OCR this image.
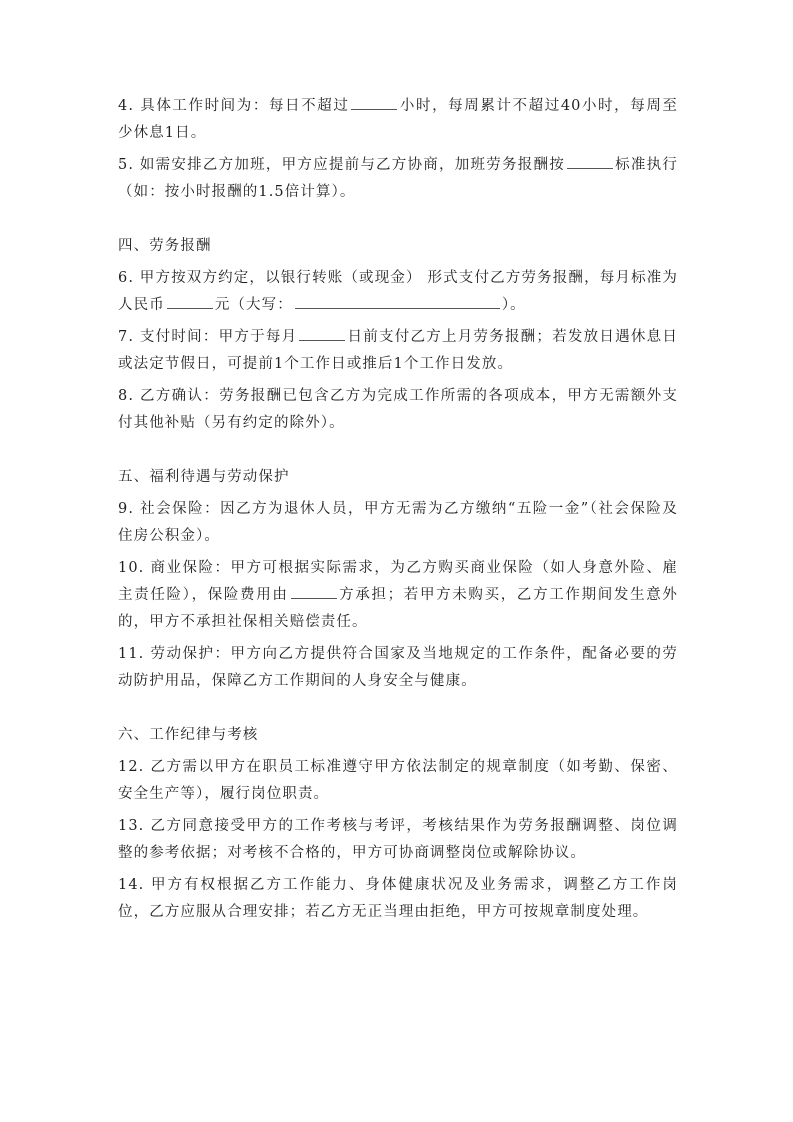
4. 具体工作时间为：每日不超过	小时，每周累计不超过40小时，每周至少休息1日。

5. 如需安排乙方加班，甲方应提前与乙方协商，加班劳务报酬按	标准执行（如：按小时报酬的1.5倍计算）。

四、劳务报酬

6. 甲方按双方约定，以银行转账（或现金） 形式支付乙方劳务报酬，每月标准为人民币	元（大写：	）。

7. 支付时间：甲方于每月	日前支付乙方上月劳务报酬；若发放日遇休息日或法定节假日，可提前1个工作日或推后1个工作日发放。

8. 乙方确认：劳务报酬已包含乙方为完成工作所需的各项成本，甲方无需额外支付其他补贴（另有约定的除外）。

五、福利待遇与劳动保护

9. 社会保险：因乙方为退休人员，甲方无需为乙方缴纳“五险一金”（社会保险及住房公积金）。

10. 商业保险：甲方可根据实际需求，为乙方购买商业保险（如人身意外险、雇主责任险），保险费用由	方承担；若甲方未购买，乙方工作期间发生意外的，甲方不承担社保相关赔偿责任。

11. 劳动保护：甲方向乙方提供符合国家及当地规定的工作条件，配备必要的劳动防护用品，保障乙方工作期间的人身安全与健康。

六、工作纪律与考核

12. 乙方需以甲方在职员工标准遵守甲方依法制定的规章制度（如考勤、保密、安全生产等），履行岗位职责。

13. 乙方同意接受甲方的工作考核与考评，考核结果作为劳务报酬调整、岗位调整的参考依据；对考核不合格的，甲方可协商调整岗位或解除协议。

14. 甲方有权根据乙方工作能力、身体健康状况及业务需求，调整乙方工作岗位，乙方应服从合理安排；若乙方无正当理由拒绝，甲方可按规章制度处理。
